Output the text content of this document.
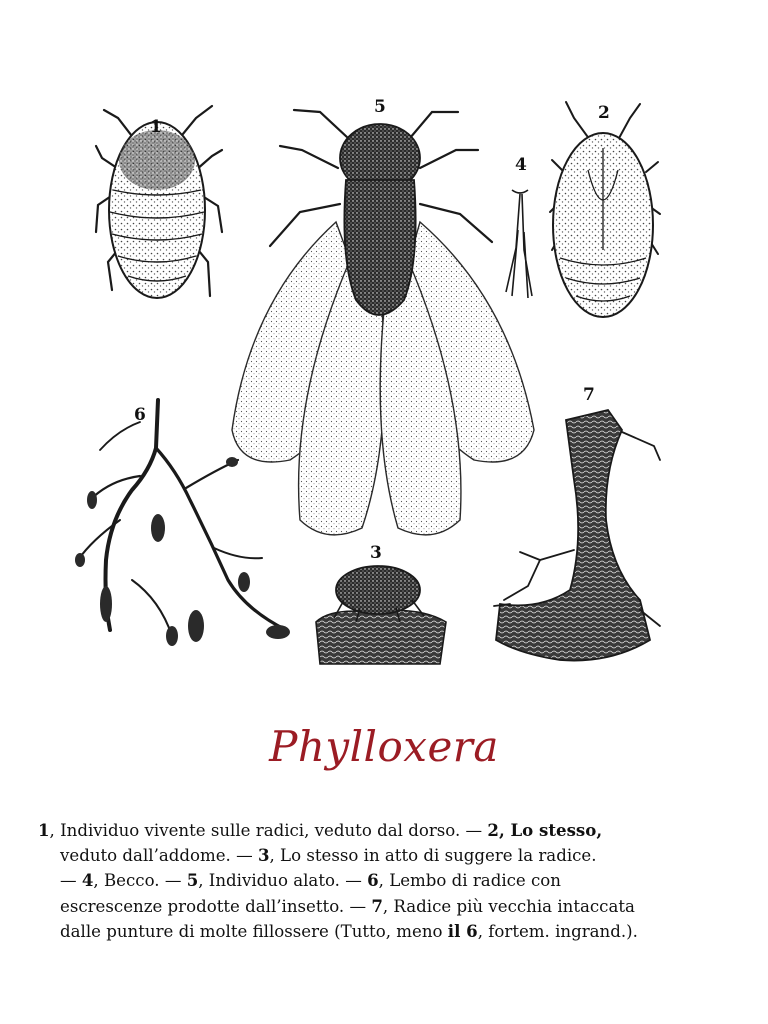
1
2
3
4
5
6
7
Phylloxera
1, Individuo vivente sulle radici, veduto dal dorso. — 2, Lo stesso,
veduto dall’addome. — 3, Lo stesso in atto di suggere la radice. — 4, Becco. — 5, Individuo alato. — 6, Lembo di radice con escrescenze prodotte dall’insetto. — 7, Radice più vecchia intaccata dalle punture di molte fillossere (Tutto, meno il 6, fortem. ingrand.).
